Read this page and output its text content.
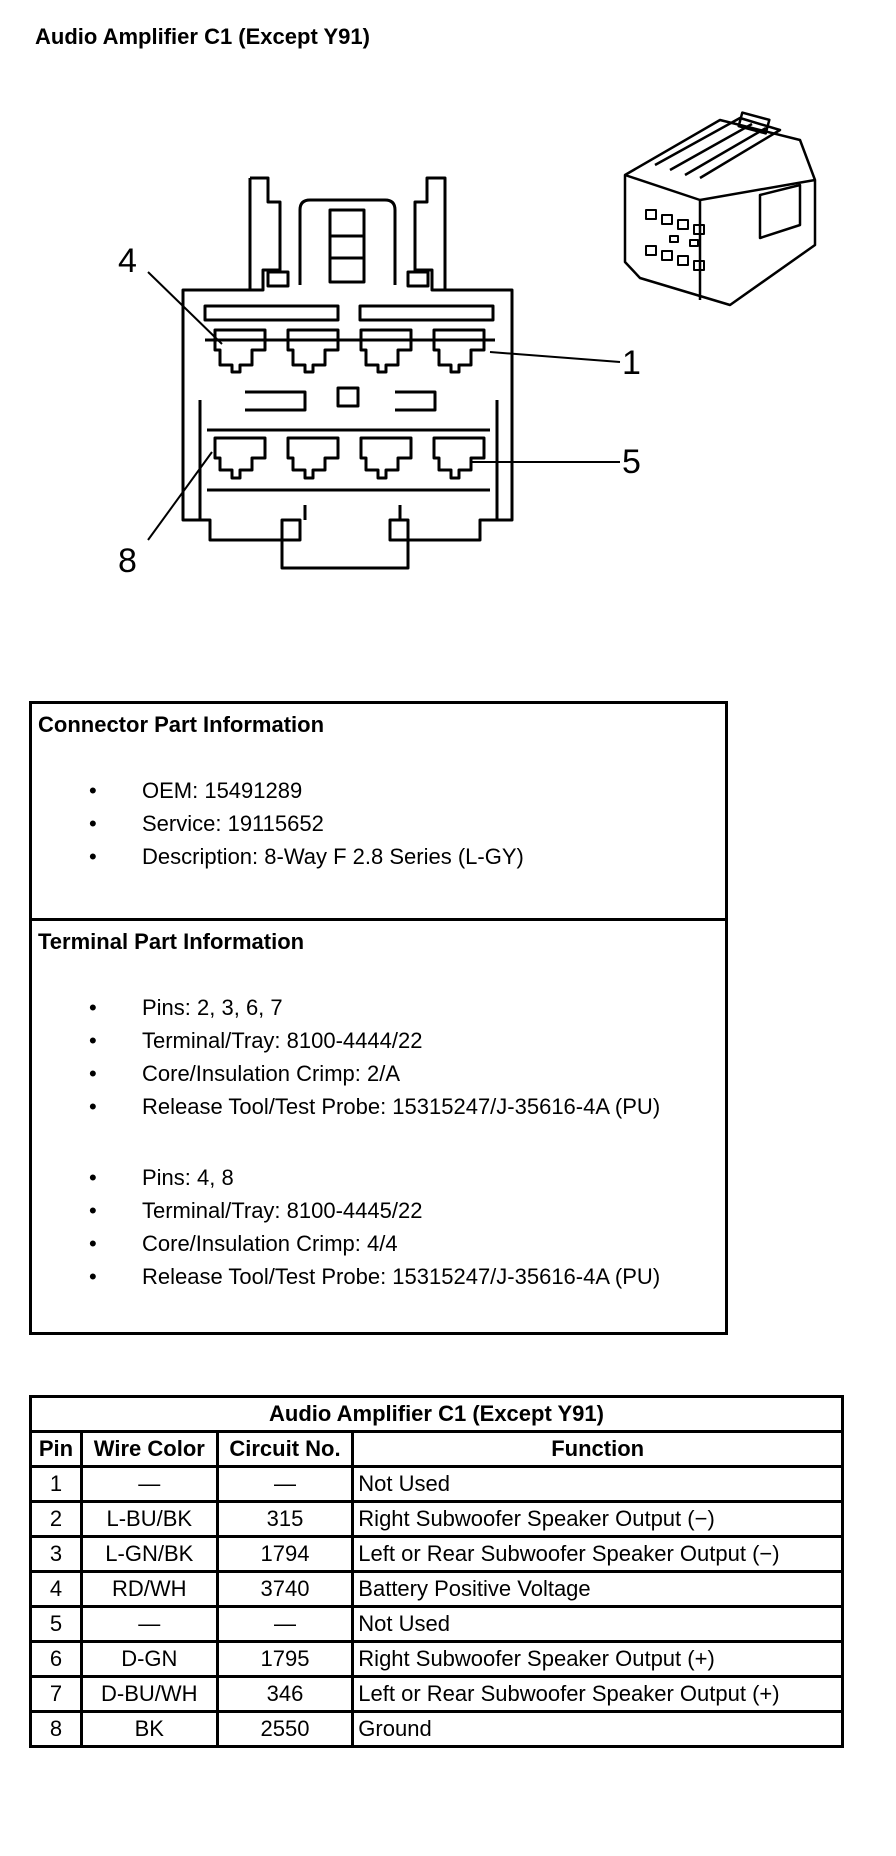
Audio Amplifier C1 (Except Y91)
4
1
5
8
Connector Part Information
• OEM: 15491289
• Service: 19115652
• Description: 8-Way F 2.8 Series (L-GY)
Terminal Part Information
• Pins: 2, 3, 6, 7
• Terminal/Tray: 8100-4444/22
• Core/Insulation Crimp: 2/A
• Release Tool/Test Probe: 15315247/J-35616-4A (PU)
• Pins: 4, 8
• Terminal/Tray: 8100-4445/22
• Core/Insulation Crimp: 4/4
• Release Tool/Test Probe: 15315247/J-35616-4A (PU)
Audio Amplifier C1 (Except Y91)			
Pin	Wire Color	Circuit No.	Function
1	—	—	Not Used
2	L-BU/BK	315	Right Subwoofer Speaker Output (−)
3	L-GN/BK	1794	Left or Rear Subwoofer Speaker Output (−)
4	RD/WH	3740	Battery Positive Voltage
5	—	—	Not Used
6	D-GN	1795	Right Subwoofer Speaker Output (+)
7	D-BU/WH	346	Left or Rear Subwoofer Speaker Output (+)
8	BK	2550	Ground
